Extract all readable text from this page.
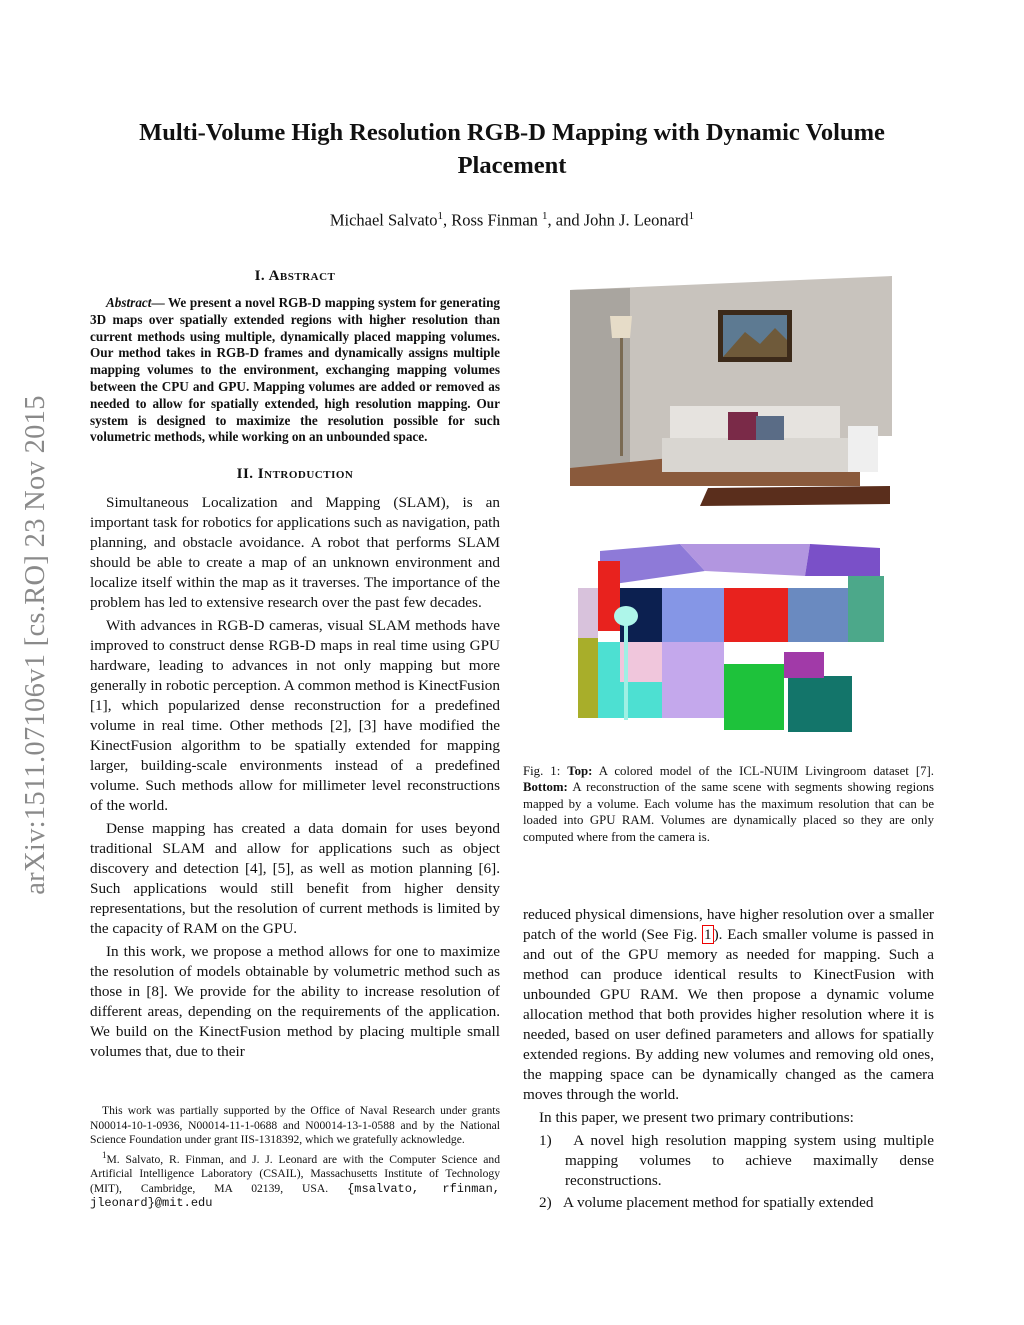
arXiv:1511.07106v1 [cs.RO] 23 Nov 2015
Multi-Volume High Resolution RGB-D Mapping with Dynamic Volume
Placement

Michael Salvato$^1$, Ross Finman $^1$, and John J. Leonard$^1$

I. Abstract

Abstract— We present a novel RGB-D mapping system for generating 3D maps over spatially extended regions with higher resolution than current methods using multiple, dynamically placed mapping volumes. Our method takes in RGB-D frames and dynamically assigns multiple mapping volumes to the environment, exchanging mapping volumes between the CPU and GPU. Mapping volumes are added or removed as needed to allow for spatially extended, high resolution mapping. Our system is designed to maximize the resolution possible for such volumetric methods, while working on an unbounded space.

II. Introduction

Simultaneous Localization and Mapping (SLAM), is an important task for robotics for applications such as navigation, path planning, and obstacle avoidance. A robot that performs SLAM should be able to create a map of an unknown environment and localize itself within the map as it traverses. The importance of the problem has led to extensive research over the past few decades.

With advances in RGB-D cameras, visual SLAM methods have improved to construct dense RGB-D maps in real time using GPU hardware, leading to advances in not only mapping but more generally in robotic perception. A common method is KinectFusion [1], which popularized dense reconstruction for a predefined volume in real time. Other methods [2], [3] have modified the KinectFusion algorithm to be spatially extended for mapping larger, building-scale environments instead of a predefined volume. Such methods allow for millimeter level reconstructions of the world.

Dense mapping has created a data domain for uses beyond traditional SLAM and allow for applications such as object discovery and detection [4], [5], as well as motion planning [6]. Such applications would still benefit from higher density representations, but the resolution of current methods is limited by the capacity of RAM on the GPU.

In this work, we propose a method allows for one to maximize the resolution of models obtainable by volumetric method such as those in [8]. We provide for the ability to increase resolution of different areas, depending on the requirements of the application. We build on the KinectFusion method by placing multiple small volumes that, due to their

This work was partially supported by the Office of Naval Research under grants N00014-10-1-0936, N00014-11-1-0688 and N00014-13-1-0588 and by the National Science Foundation under grant IIS-1318392, which we gratefully acknowledge.

$^1$M. Salvato, R. Finman, and J. J. Leonard are with the Computer Science and Artificial Intelligence Laboratory (CSAIL), Massachusetts Institute of Technology (MIT), Cambridge, MA 02139, USA. {msalvato, rfinman, jleonard}@mit.edu

Fig. 1: Top: A colored model of the ICL-NUIM Livingroom dataset [7]. Bottom: A reconstruction of the same scene with segments showing regions mapped by a volume. Each volume has the maximum resolution that can be loaded into GPU RAM. Volumes are dynamically placed so they are only computed where from the camera is.

reduced physical dimensions, have higher resolution over a smaller patch of the world (See Fig. 1 ). Each smaller volume is passed in and out of the GPU memory as needed for mapping. Such a method can produce identical results to KinectFusion with unbounded GPU RAM. We then propose a dynamic volume allocation method that both provides higher resolution where it is needed, based on user defined parameters and allows for spatially extended regions. By adding new volumes and removing old ones, the mapping space can be dynamically changed as the camera moves through the world.

In this paper, we present two primary contributions:

1) A novel high resolution mapping system using multiple mapping volumes to achieve maximally dense reconstructions.
2) A volume placement method for spatially extended
